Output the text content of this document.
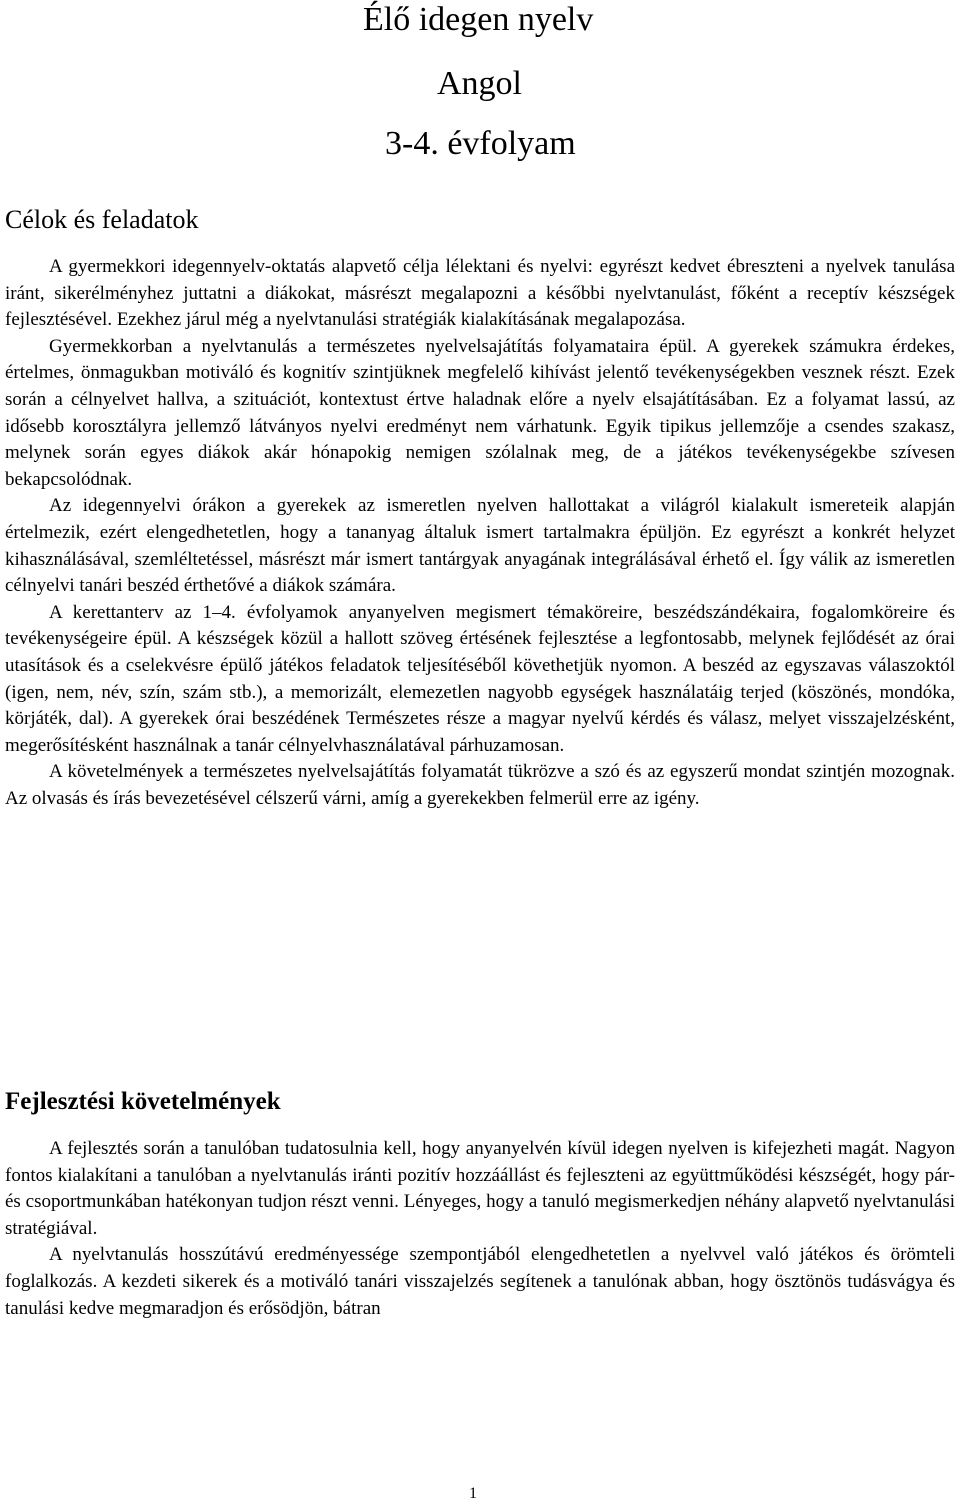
Élő idegen nyelv
Angol
3-4. évfolyam
Célok és feladatok

A gyermekkori idegennyelv-oktatás alapvető célja lélektani és nyelvi: egyrészt kedvet ébreszteni a nyelvek tanulása iránt, sikerélményhez juttatni a diákokat, másrészt megalapozni a későbbi nyelvtanulást, főként a receptív készségek fejlesztésével. Ezekhez járul még a nyelvtanulási stratégiák kialakításának megalapozása.

Gyermekkorban a nyelvtanulás a természetes nyelvelsajátítás folyamataira épül. A gyerekek számukra érdekes, értelmes, önmagukban motiváló és kognitív szintjüknek megfelelő kihívást jelentő tevékenységekben vesznek részt. Ezek során a célnyelvet hallva, a szituációt, kontextust értve haladnak előre a nyelv elsajátításában. Ez a folyamat lassú, az idősebb korosztályra jellemző látványos nyelvi eredményt nem várhatunk. Egyik tipikus jellemzője a csendes szakasz, melynek során egyes diákok akár hónapokig nemigen szólalnak meg, de a játékos tevékenységekbe szívesen bekapcsolódnak.

Az idegennyelvi órákon a gyerekek az ismeretlen nyelven hallottakat a világról kialakult ismereteik alapján értelmezik, ezért elengedhetetlen, hogy a tananyag általuk ismert tartalmakra épüljön. Ez egyrészt a konkrét helyzet kihasználásával, szemléltetéssel, másrészt már ismert tantárgyak anyagának integrálásával érhető el. Így válik az ismeretlen célnyelvi tanári beszéd érthetővé a diákok számára.

A kerettanterv az 1–4. évfolyamok anyanyelven megismert témaköreire, beszédszándékaira, fogalomköreire és tevékenységeire épül. A készségek közül a hallott szöveg értésének fejlesztése a legfontosabb, melynek fejlődését az órai utasítások és a cselekvésre épülő játékos feladatok teljesítéséből követhetjük nyomon. A beszéd az egyszavas válaszoktól (igen, nem, név, szín, szám stb.), a memorizált, elemezetlen nagyobb egységek használatáig terjed (köszönés, mondóka, körjáték, dal). A gyerekek órai beszédének Természetes része a magyar nyelvű kérdés és válasz, melyet visszajelzésként, megerősítésként használnak a tanár célnyelvhasználatával párhuzamosan.

A követelmények a természetes nyelvelsajátítás folyamatát tükrözve a szó és az egyszerű mondat szintjén mozognak. Az olvasás és írás bevezetésével célszerű várni, amíg a gyerekekben felmerül erre az igény.

Fejlesztési követelmények

A fejlesztés során a tanulóban tudatosulnia kell, hogy anyanyelvén kívül idegen nyelven is kifejezheti magát. Nagyon fontos kialakítani a tanulóban a nyelvtanulás iránti pozitív hozzáállást és fejleszteni az együttműködési készségét, hogy pár- és csoportmunkában hatékonyan tudjon részt venni. Lényeges, hogy a tanuló megismerkedjen néhány alapvető nyelvtanulási stratégiával.

A nyelvtanulás hosszútávú eredményessége szempontjából elengedhetetlen a nyelvvel való játékos és örömteli foglalkozás. A kezdeti sikerek és a motiváló tanári visszajelzés segítenek a tanulónak abban, hogy ösztönös tudásvágya és tanulási kedve megmaradjon és erősödjön, bátran

1
